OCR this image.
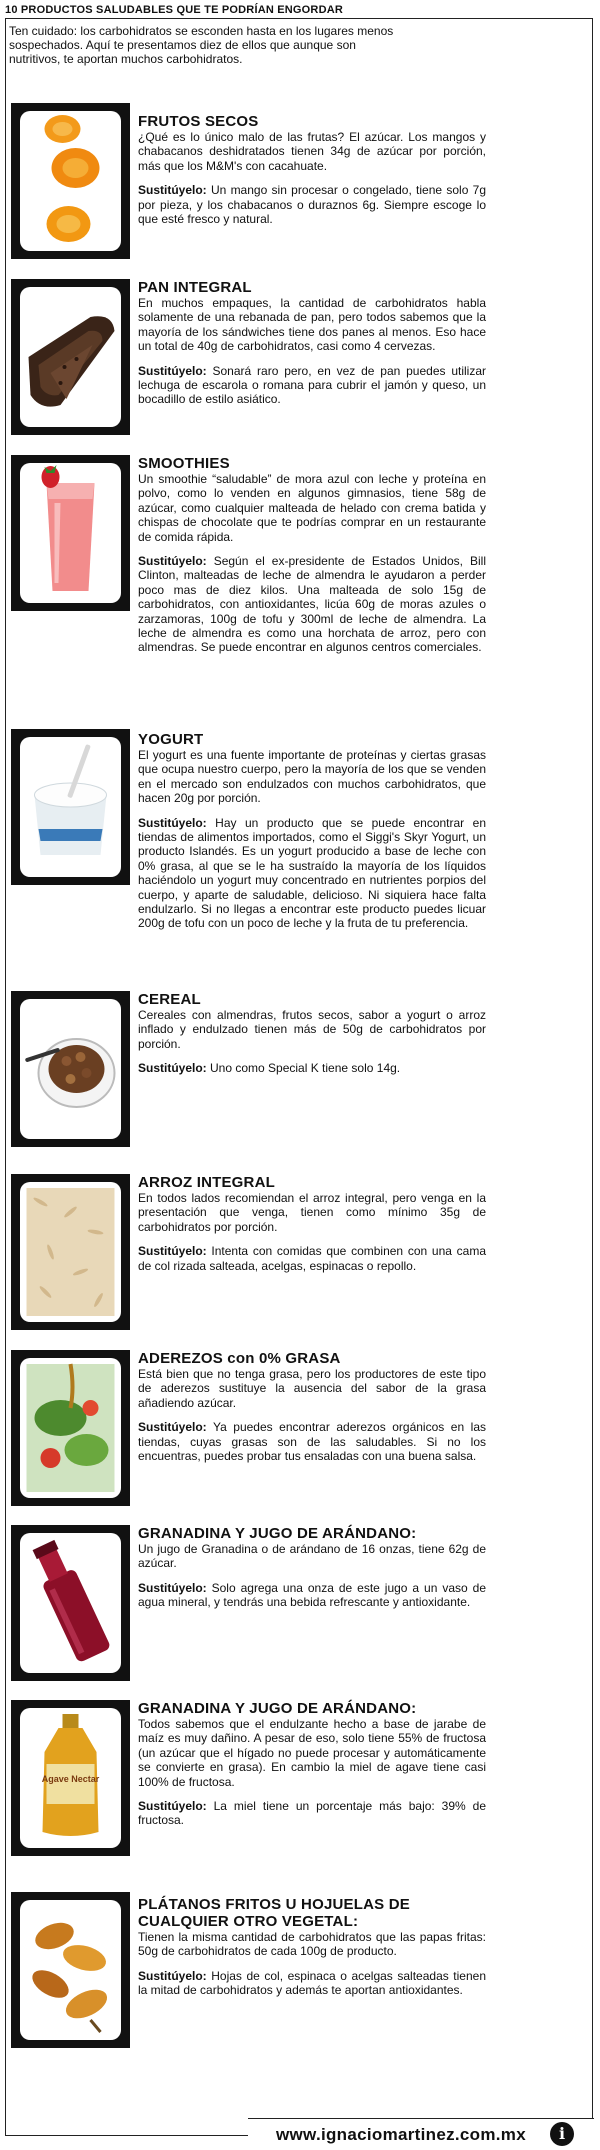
10 PRODUCTOS SALUDABLES QUE TE PODRÍAN ENGORDAR
Ten cuidado: los carbohidratos se esconden hasta en los lugares menos sospechados. Aquí te presentamos diez de ellos que aunque son nutritivos, te aportan muchos carbohidratos.
FRUTOS SECOS

¿Qué es lo único malo de las frutas? El azúcar. Los mangos y chabacanos deshidratados tienen 34g de azúcar por porción, más que los M&M's con cacahuate.

Sustitúyelo: Un mango sin procesar o congelado, tiene solo 7g por pieza, y los chabacanos o duraznos 6g. Siempre escoge lo que esté fresco y natural.

PAN INTEGRAL

En muchos empaques, la cantidad de carbohidratos habla solamente de una rebanada de pan, pero todos sabemos que la mayoría de los sándwiches tiene dos panes al menos. Eso hace un total de 40g de carbohidratos, casi como 4 cervezas.

Sustitúyelo: Sonará raro pero, en vez de pan puedes utilizar lechuga de escarola o romana para cubrir el jamón y queso, un bocadillo de estilo asiático.

SMOOTHIES

Un smoothie “saludable” de mora azul con leche y proteína en polvo, como lo venden en algunos gimnasios, tiene 58g de azúcar, como cualquier malteada de helado con crema batida y chispas de chocolate que te podrías comprar en un restaurante de comida rápida.

Sustitúyelo: Según el ex-presidente de Estados Unidos, Bill Clinton, malteadas de leche de almendra le ayudaron a perder poco mas de diez kilos. Una malteada de solo 15g de carbohidratos, con antioxidantes, licúa 60g de moras azules o zarzamoras, 100g de tofu y 300ml de leche de almendra. La leche de almendra es como una horchata de arroz, pero con almendras. Se puede encontrar en algunos centros comerciales.

YOGURT

El yogurt es una fuente importante de proteínas y ciertas grasas que ocupa nuestro cuerpo, pero la mayoría de los que se venden en el mercado son endulzados con muchos carbohidratos, que hacen 20g por porción.

Sustitúyelo: Hay un producto que se puede encontrar en tiendas de alimentos importados, como el Siggi's Skyr Yogurt, un producto Islandés. Es un yogurt producido a base de leche con 0% grasa, al que se le ha sustraído la mayoría de los líquidos haciéndolo un yogurt muy concentrado en nutrientes porpios del cuerpo, y aparte de saludable, delicioso. Ni siquiera hace falta endulzarlo. Si no llegas a encontrar este producto puedes licuar 200g de tofu con un poco de leche y la fruta de tu preferencia.

CEREAL

Cereales con almendras, frutos secos, sabor a yogurt o arroz inflado y endulzado tienen más de 50g de carbohidratos por porción.

Sustitúyelo: Uno como Special K tiene solo 14g.

ARROZ INTEGRAL

En todos lados recomiendan el arroz integral, pero venga en la presentación que venga, tienen como mínimo 35g de carbohidratos por porción.

Sustitúyelo: Intenta con comidas que combinen con una cama de col rizada salteada, acelgas, espinacas o repollo.

ADEREZOS con 0% GRASA

Está bien que no tenga grasa, pero los productores de este tipo de aderezos sustituye la ausencia del sabor de la grasa añadiendo azúcar.

Sustitúyelo: Ya puedes encontrar aderezos orgánicos en las tiendas, cuyas grasas son de las saludables. Si no los encuentras, puedes probar tus ensaladas con una buena salsa.

GRANADINA Y JUGO DE ARÁNDANO:

Un jugo de Granadina o de arándano de 16 onzas, tiene 62g de azúcar.

Sustitúyelo: Solo agrega una onza de este jugo a un vaso de agua mineral, y tendrás una bebida refrescante y antioxidante.

Agave Nectar
GRANADINA Y JUGO DE ARÁNDANO:

Todos sabemos que el endulzante hecho a base de jarabe de maíz es muy dañino. A pesar de eso, solo tiene 55% de fructosa (un azúcar que el hígado no puede procesar y automáticamente se convierte en grasa). En cambio la miel de agave tiene casi 100% de fructosa.

Sustitúyelo: La miel tiene un porcentaje más bajo: 39% de fructosa.

PLÁTANOS FRITOS U HOJUELAS DE CUALQUIER OTRO VEGETAL:

Tienen la misma cantidad de carbohidratos que las papas fritas: 50g de carbohidratos de cada 100g de producto.

Sustitúyelo: Hojas de col, espinaca o acelgas salteadas tienen la mitad de carbohidratos y además te aportan antioxidantes.

www.ignaciomartinez.com.mx	i
